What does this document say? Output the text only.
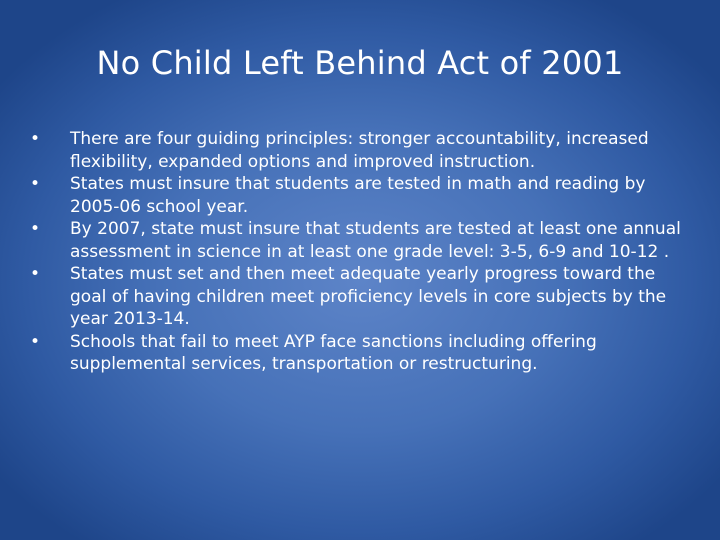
No Child Left Behind Act of 2001
• There are four guiding principles: stronger accountability, increased flexibility, expanded options and improved instruction.
• States must insure that students are tested in math and reading by 2005-06 school year.
• By 2007, state must insure that students are tested at least one annual assessment in science in at least one grade level: 3-5, 6-9 and 10-12 .
• States must set and then meet adequate yearly progress toward the goal of having children meet proficiency levels in core subjects by the year 2013-14.
• Schools that fail to meet AYP face sanctions including offering supplemental services, transportation or restructuring.
